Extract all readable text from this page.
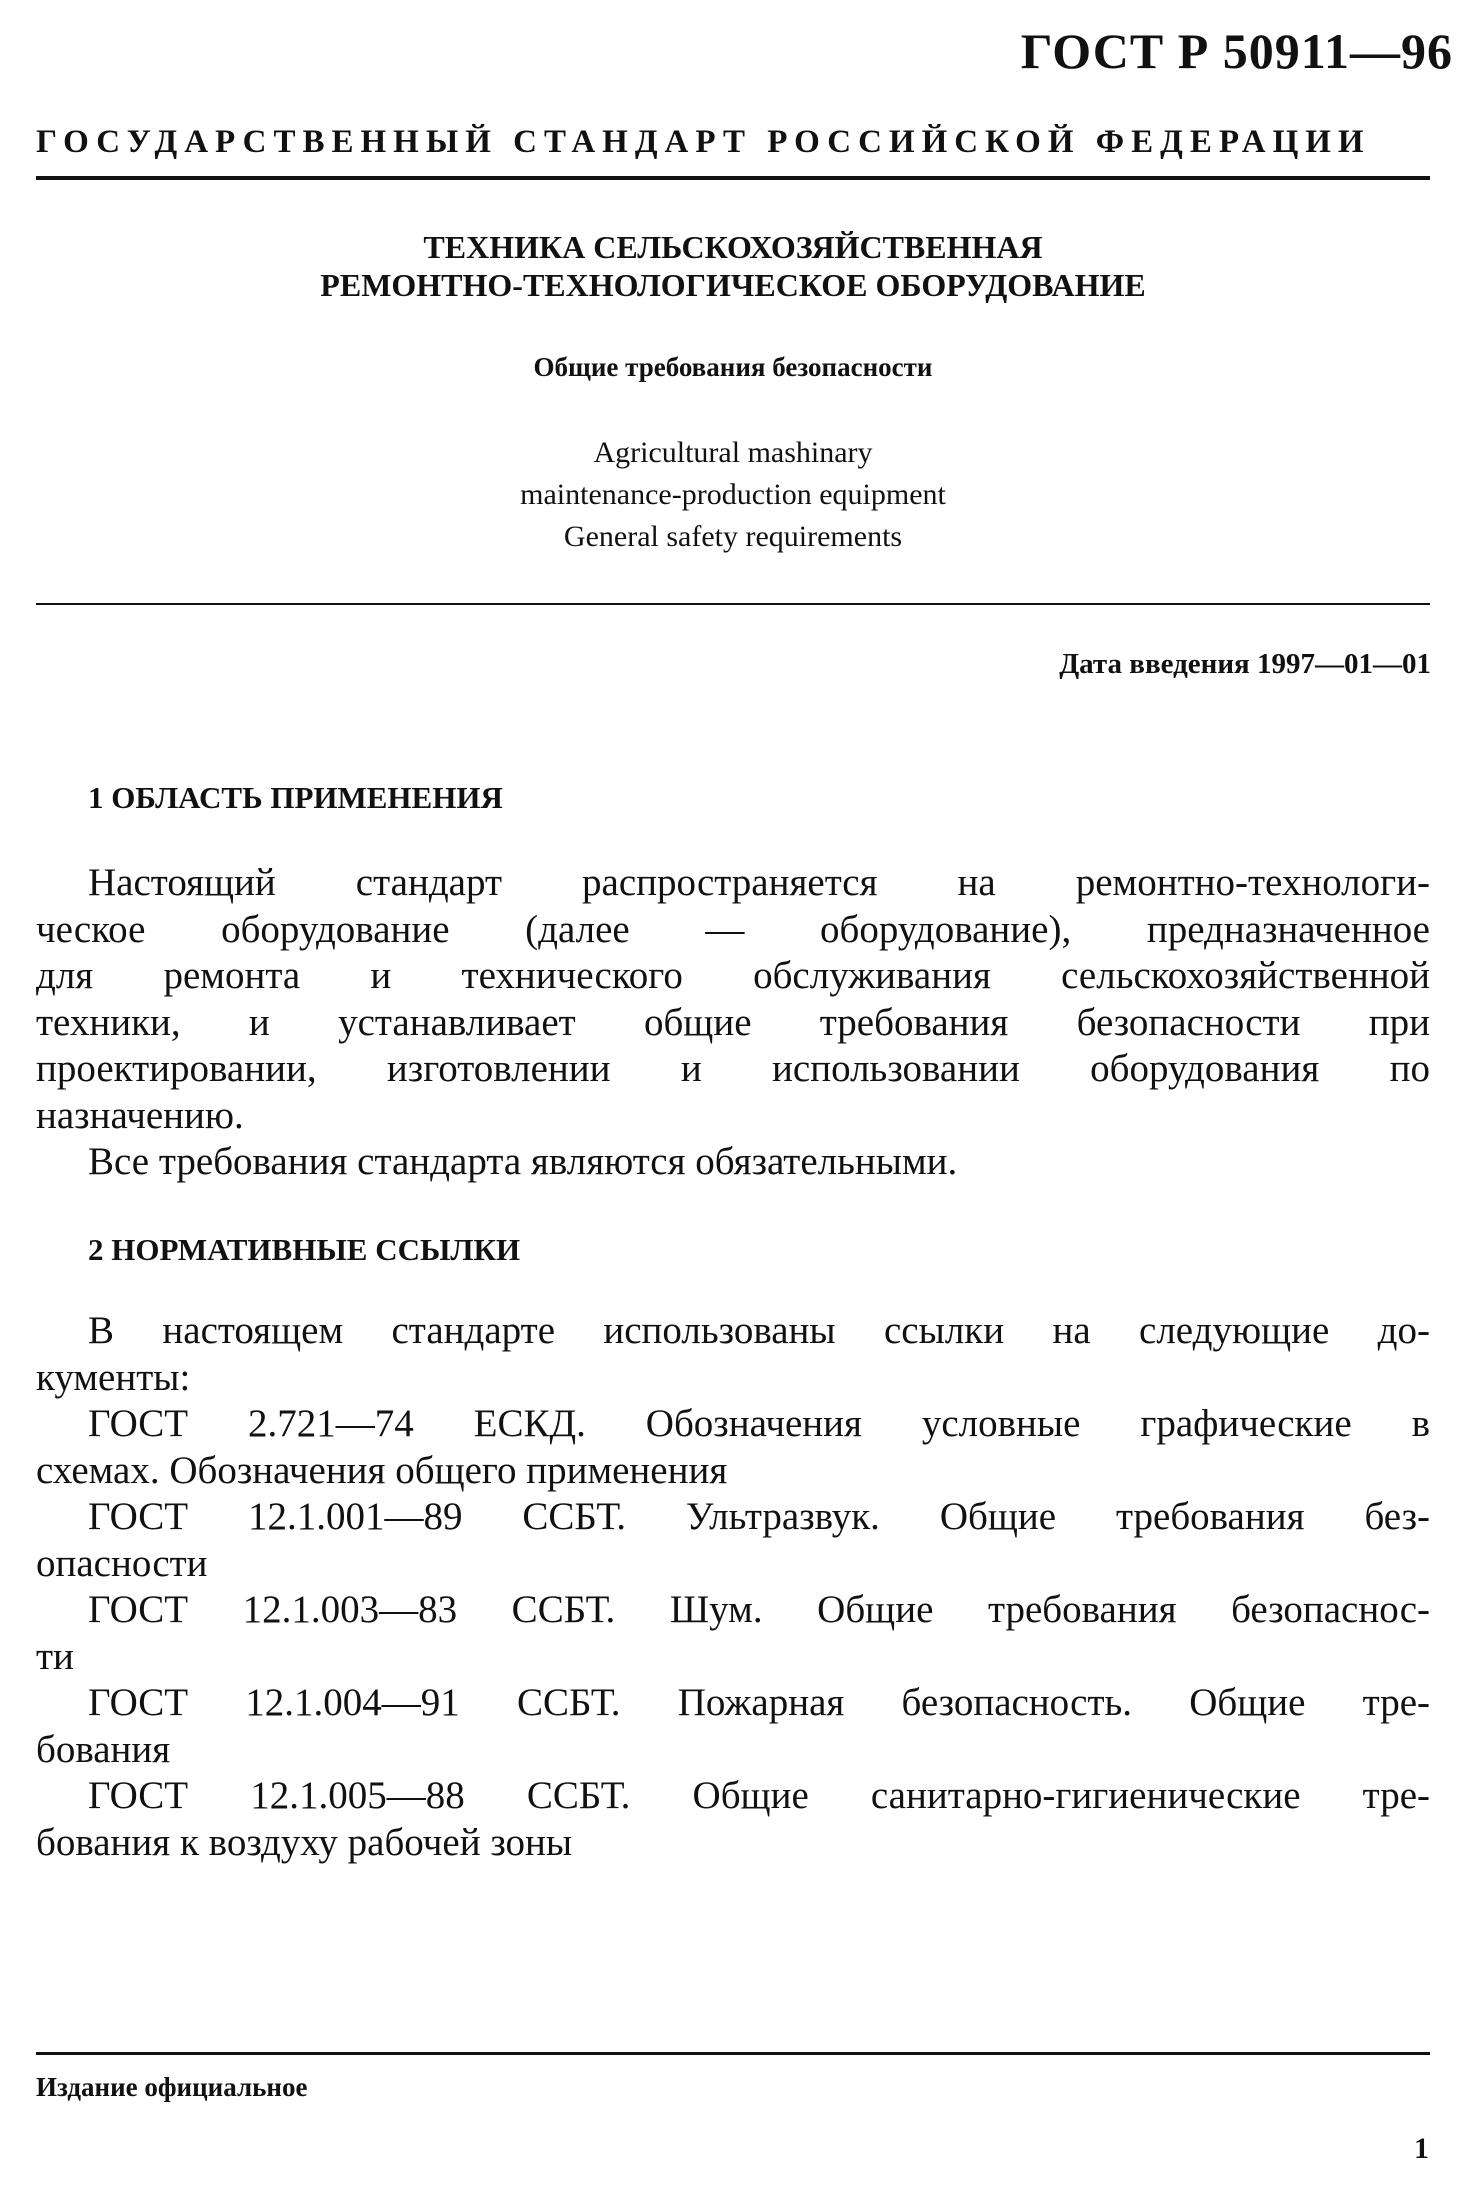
ГОСТ Р 50911—96
ГОСУДАРСТВЕННЫЙ СТАНДАРТ РОССИЙСКОЙ ФЕДЕРАЦИИ
ТЕХНИКА СЕЛЬСКОХОЗЯЙСТВЕННАЯ
РЕМОНТНО-ТЕХНОЛОГИЧЕСКОЕ ОБОРУДОВАНИЕ
Общие требования безопасности
Agricultural mashinary
maintenance-production equipment
General safety requirements
Дата введения 1997—01—01
1 ОБЛАСТЬ ПРИМЕНЕНИЯ
Настоящий стандарт распространяется на ремонтно-технологи-
ческое оборудование (далее — оборудование), предназначенное
для ремонта и технического обслуживания сельскохозяйственной
техники, и устанавливает общие требования безопасности при
проектировании, изготовлении и использовании оборудования по
назначению.
Все требования стандарта являются обязательными.
2 НОРМАТИВНЫЕ ССЫЛКИ
В настоящем стандарте использованы ссылки на следующие до-
кументы:
ГОСТ 2.721—74 ЕСКД. Обозначения условные графические в
схемах. Обозначения общего применения
ГОСТ 12.1.001—89 ССБТ. Ультразвук. Общие требования без-
опасности
ГОСТ 12.1.003—83 ССБТ. Шум. Общие требования безопаснос-
ти
ГОСТ 12.1.004—91 ССБТ. Пожарная безопасность. Общие тре-
бования
ГОСТ 12.1.005—88 ССБТ. Общие санитарно-гигиенические тре-
бования к воздуху рабочей зоны
Издание официальное
1
